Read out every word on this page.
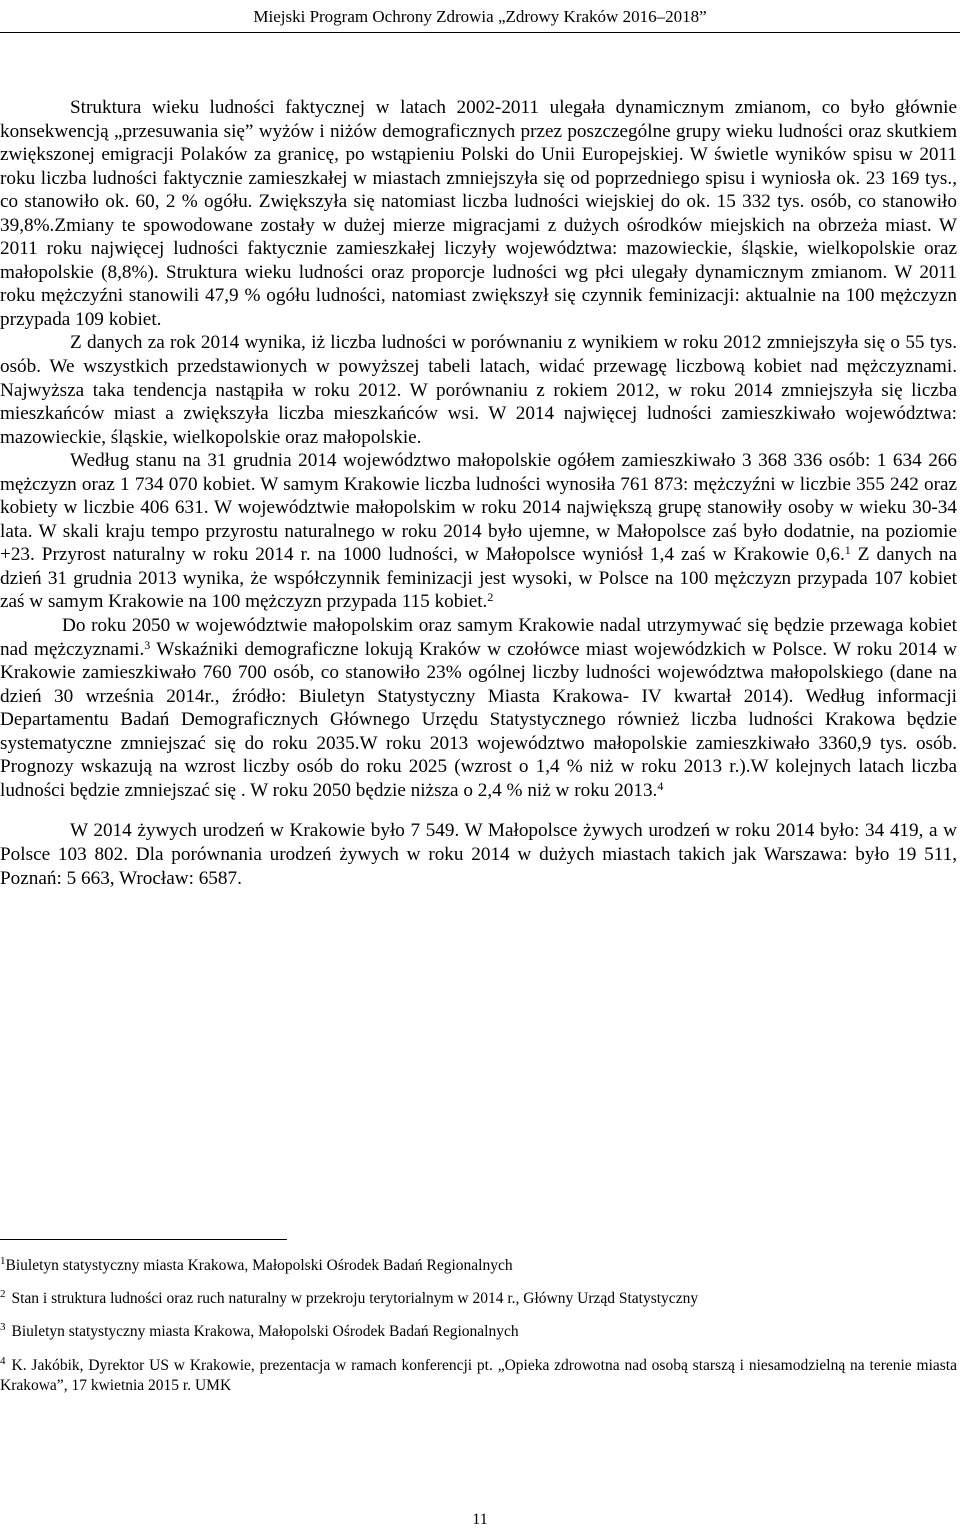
Miejski Program Ochrony Zdrowia „Zdrowy Kraków 2016–2018”

Struktura wieku ludności faktycznej w latach 2002-2011 ulegała dynamicznym zmianom, co było głównie konsekwencją „przesuwania się” wyżów i niżów demograficznych przez poszczególne grupy wieku ludności oraz skutkiem zwiększonej emigracji Polaków za granicę, po wstąpieniu Polski do Unii Europejskiej. W świetle wyników spisu w 2011 roku liczba ludności faktycznie zamieszkałej w miastach zmniejszyła się od poprzedniego spisu i wyniosła ok. 23 169 tys., co stanowiło ok. 60, 2 % ogółu. Zwiększyła się natomiast liczba ludności wiejskiej do ok. 15 332 tys. osób, co stanowiło 39,8%.Zmiany te spowodowane zostały w dużej mierze migracjami z dużych ośrodków miejskich na obrzeża miast. W 2011 roku najwięcej ludności faktycznie zamieszkałej liczyły województwa: mazowieckie, śląskie, wielkopolskie oraz małopolskie (8,8%). Struktura wieku ludności oraz proporcje ludności wg płci ulegały dynamicznym zmianom. W 2011 roku mężczyźni stanowili 47,9 % ogółu ludności, natomiast zwiększył się czynnik feminizacji: aktualnie na 100 mężczyzn przypada 109 kobiet.

Z danych za rok 2014 wynika, iż liczba ludności w porównaniu z wynikiem w roku 2012 zmniejszyła się o 55 tys. osób. We wszystkich przedstawionych w powyższej tabeli latach, widać przewagę liczbową kobiet nad mężczyznami. Najwyższa taka tendencja nastąpiła w roku 2012. W porównaniu z rokiem 2012, w roku 2014 zmniejszyła się liczba mieszkańców miast a zwiększyła liczba mieszkańców wsi. W 2014 najwięcej ludności zamieszkiwało województwa: mazowieckie, śląskie, wielkopolskie oraz małopolskie.

Według stanu na 31 grudnia 2014 województwo małopolskie ogółem zamieszkiwało 3 368 336 osób: 1 634 266 mężczyzn oraz 1 734 070 kobiet. W samym Krakowie liczba ludności wynosiła 761 873: mężczyźni w liczbie 355 242 oraz kobiety w liczbie 406 631. W województwie małopolskim w roku 2014 największą grupę stanowiły osoby w wieku 30-34 lata. W skali kraju tempo przyrostu naturalnego w roku 2014 było ujemne, w Małopolsce zaś było dodatnie, na poziomie +23. Przyrost naturalny w roku 2014 r. na 1000 ludności, w Małopolsce wyniósł 1,4 zaś w Krakowie 0,6.$^1$ Z danych na dzień 31 grudnia 2013 wynika, że współczynnik feminizacji jest wysoki, w Polsce na 100 mężczyzn przypada 107 kobiet zaś w samym Krakowie na 100 mężczyzn przypada 115 kobiet.$^2$

Do roku 2050 w województwie małopolskim oraz samym Krakowie nadal utrzymywać się będzie przewaga kobiet nad mężczyznami.$^3$ Wskaźniki demograficzne lokują Kraków w czołówce miast wojewódzkich w Polsce. W roku 2014 w Krakowie zamieszkiwało 760 700 osób, co stanowiło 23% ogólnej liczby ludności województwa małopolskiego (dane na dzień 30 września 2014r., źródło: Biuletyn Statystyczny Miasta Krakowa- IV kwartał 2014). Według informacji Departamentu Badań Demograficznych Głównego Urzędu Statystycznego również liczba ludności Krakowa będzie systematyczne zmniejszać się do roku 2035.W roku 2013 województwo małopolskie zamieszkiwało 3360,9 tys. osób. Prognozy wskazują na wzrost liczby osób do roku 2025 (wzrost o 1,4 % niż w roku 2013 r.).W kolejnych latach liczba ludności będzie zmniejszać się . W roku 2050 będzie niższa o 2,4 % niż w roku 2013.$^4$

W 2014 żywych urodzeń w Krakowie było 7 549. W Małopolsce żywych urodzeń w roku 2014 było: 34 419, a w Polsce 103 802. Dla porównania urodzeń żywych w roku 2014 w dużych miastach takich jak Warszawa: było 19 511, Poznań: 5 663, Wrocław: 6587.

$^1$Biuletyn statystyczny miasta Krakowa, Małopolski Ośrodek Badań Regionalnych

$^2$ Stan i struktura ludności oraz ruch naturalny w przekroju terytorialnym w 2014 r., Główny Urząd Statystyczny

$^3$ Biuletyn statystyczny miasta Krakowa, Małopolski Ośrodek Badań Regionalnych

$^4$ K. Jakóbik, Dyrektor US w Krakowie, prezentacja w ramach konferencji pt. „Opieka zdrowotna nad osobą starszą i niesamodzielną na terenie miasta Krakowa”, 17 kwietnia 2015 r. UMK

11
